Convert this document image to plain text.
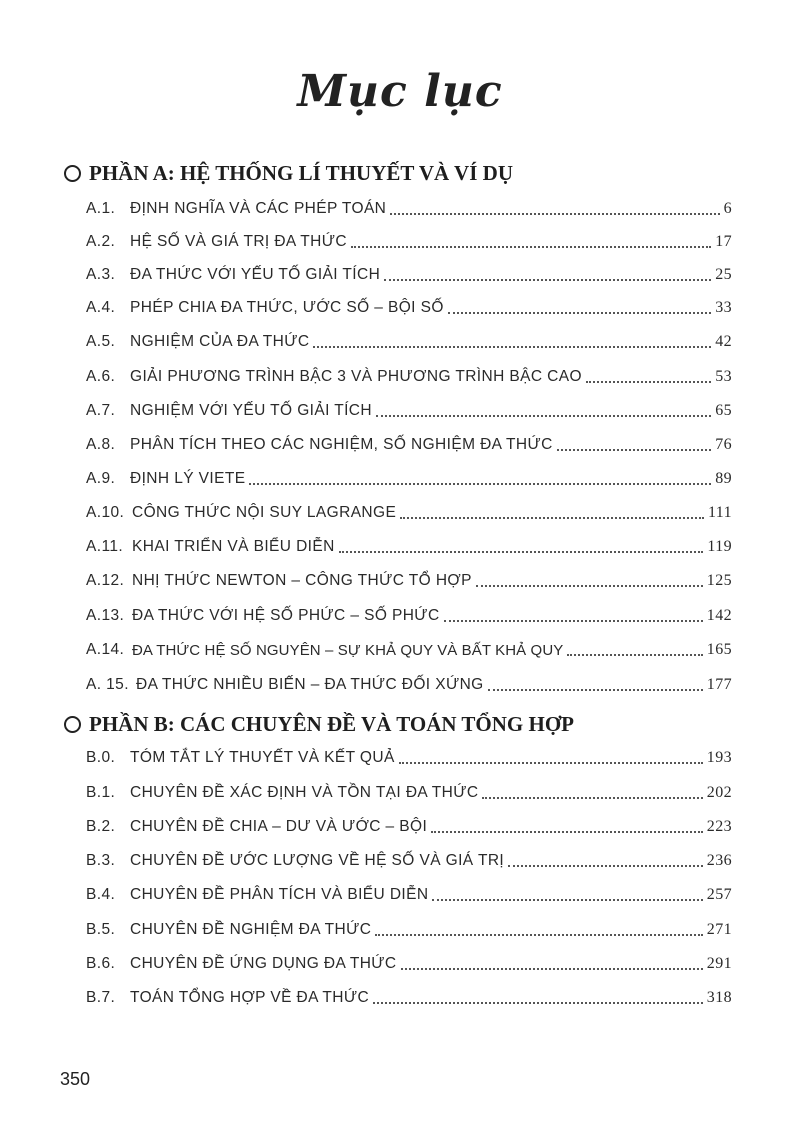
Mục lục
PHẦN A: HỆ THỐNG LÍ THUYẾT VÀ VÍ DỤ
A.1. ĐỊNH NGHĨA VÀ CÁC PHÉP TOÁN	6
A.2. HỆ SỐ VÀ GIÁ TRỊ ĐA THỨC	17
A.3. ĐA THỨC VỚI YẾU TỐ GIẢI TÍCH	25
A.4. PHÉP CHIA ĐA THỨC, ƯỚC SỐ – BỘI SỐ	33
A.5. NGHIỆM CỦA ĐA THỨC	42
A.6. GIẢI PHƯƠNG TRÌNH BẬC 3 VÀ PHƯƠNG TRÌNH BẬC CAO	53
A.7. NGHIỆM VỚI YẾU TỐ GIẢI TÍCH	65
A.8. PHÂN TÍCH THEO CÁC NGHIỆM, SỐ NGHIỆM ĐA THỨC	76
A.9. ĐỊNH LÝ VIETE	89
A.10. CÔNG THỨC NỘI SUY LAGRANGE	111
A.11. KHAI TRIỂN VÀ BIỂU DIỄN	119
A.12. NHỊ THỨC NEWTON – CÔNG THỨC TỔ HỢP	125
A.13. ĐA THỨC VỚI HỆ SỐ PHỨC – SỐ PHỨC	142
A.14. ĐA THỨC HỆ SỐ NGUYÊN – SỰ KHẢ QUY VÀ BẤT KHẢ QUY	165
A. 15. ĐA THỨC NHIỀU BIẾN – ĐA THỨC ĐỐI XỨNG	177
PHẦN B: CÁC CHUYÊN ĐỀ VÀ TOÁN TỔNG HỢP
B.0. TÓM TẮT LÝ THUYẾT VÀ KẾT QUẢ	193
B.1. CHUYÊN ĐỀ XÁC ĐỊNH VÀ TỒN TẠI ĐA THỨC	202
B.2. CHUYÊN ĐỀ CHIA – DƯ VÀ ƯỚC – BỘI	223
B.3. CHUYÊN ĐỀ ƯỚC LƯỢNG VỀ HỆ SỐ VÀ GIÁ TRỊ	236
B.4. CHUYÊN ĐỀ PHÂN TÍCH VÀ BIỂU DIỄN	257
B.5. CHUYÊN ĐỀ NGHIỆM ĐA THỨC	271
B.6. CHUYÊN ĐỀ ỨNG DỤNG ĐA THỨC	291
B.7. TOÁN TỔNG HỢP VỀ ĐA THỨC	318
350
